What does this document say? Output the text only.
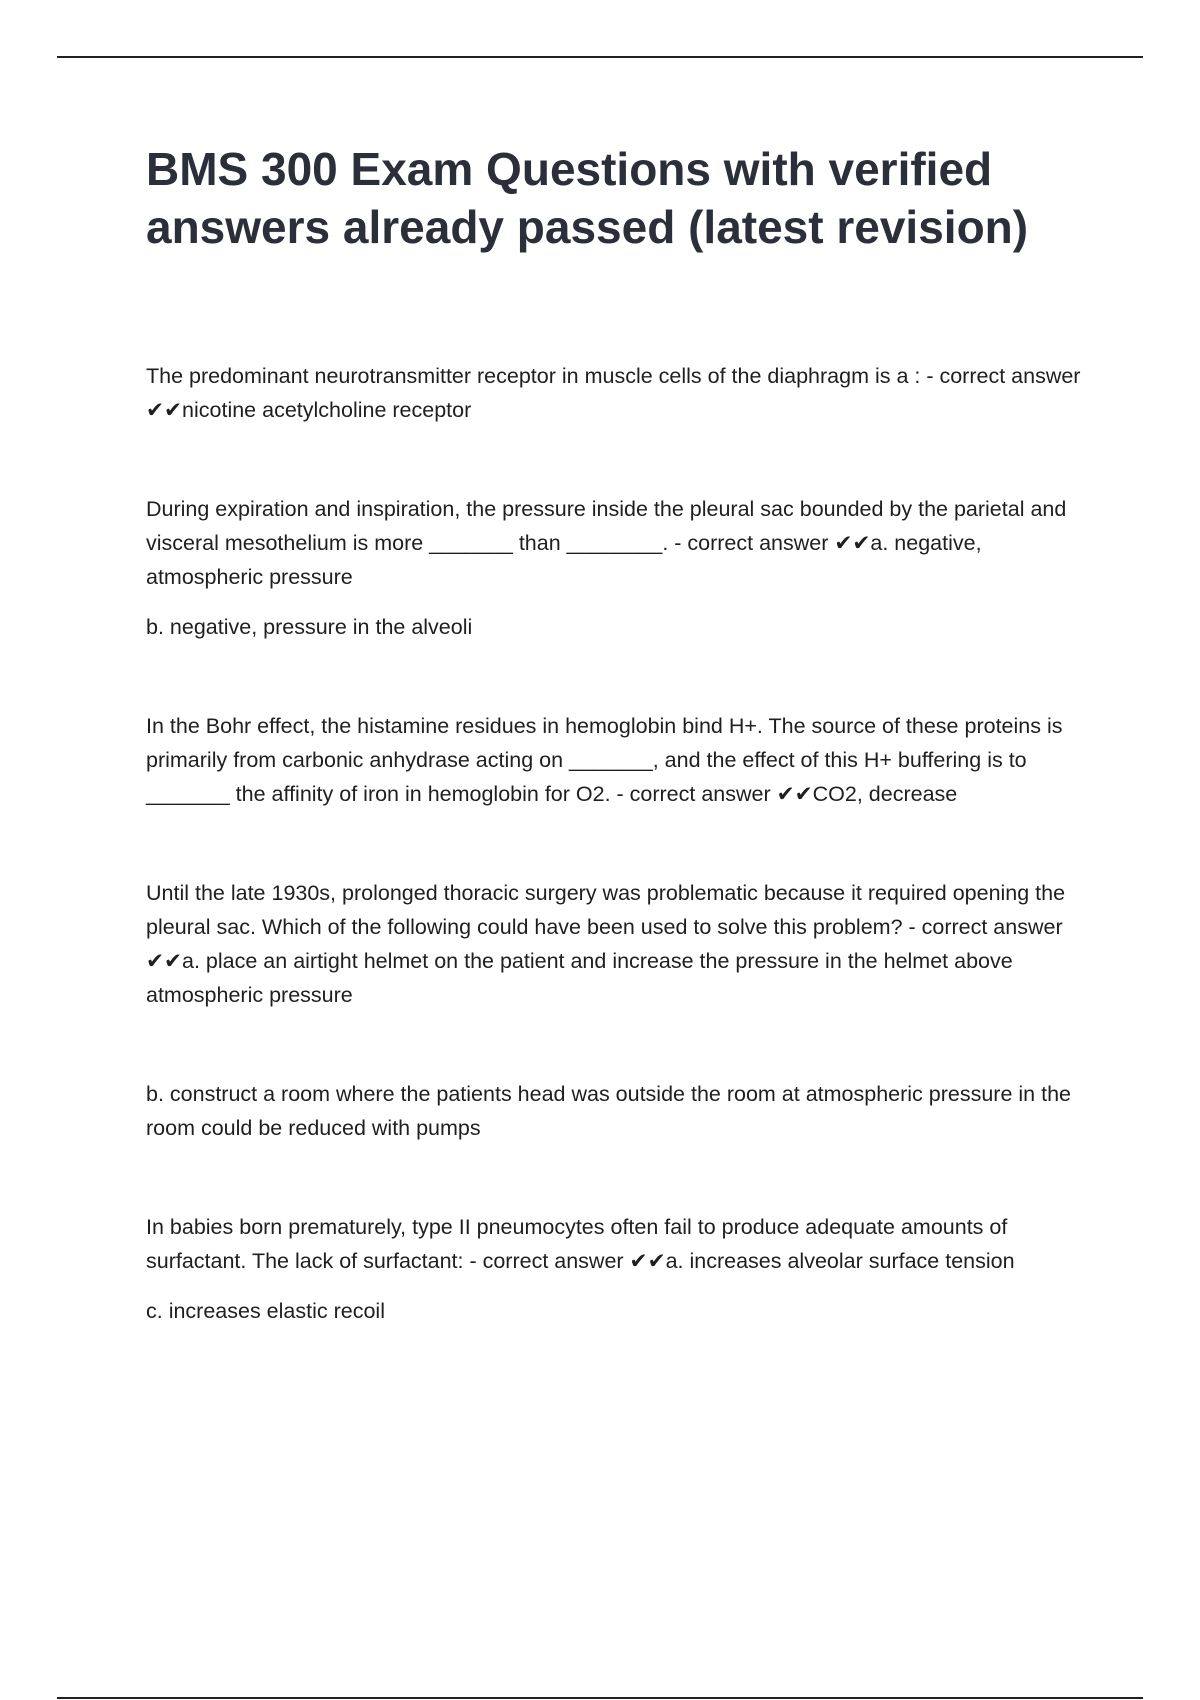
BMS 300 Exam Questions with verified answers already passed (latest revision)

The predominant neurotransmitter receptor in muscle cells of the diaphragm is a : - correct answer ✔✔nicotine acetylcholine receptor

During expiration and inspiration, the pressure inside the pleural sac bounded by the parietal and visceral mesothelium is more _______ than ________. - correct answer ✔✔a. negative, atmospheric pressure

b. negative, pressure in the alveoli

In the Bohr effect, the histamine residues in hemoglobin bind H+. The source of these proteins is primarily from carbonic anhydrase acting on _______, and the effect of this H+ buffering is to _______ the affinity of iron in hemoglobin for O2. - correct answer ✔✔CO2, decrease

Until the late 1930s, prolonged thoracic surgery was problematic because it required opening the pleural sac. Which of the following could have been used to solve this problem? - correct answer ✔✔a. place an airtight helmet on the patient and increase the pressure in the helmet above atmospheric pressure

b. construct a room where the patients head was outside the room at atmospheric pressure in the room could be reduced with pumps

In babies born prematurely, type II pneumocytes often fail to produce adequate amounts of surfactant. The lack of surfactant: - correct answer ✔✔a. increases alveolar surface tension

c. increases elastic recoil
